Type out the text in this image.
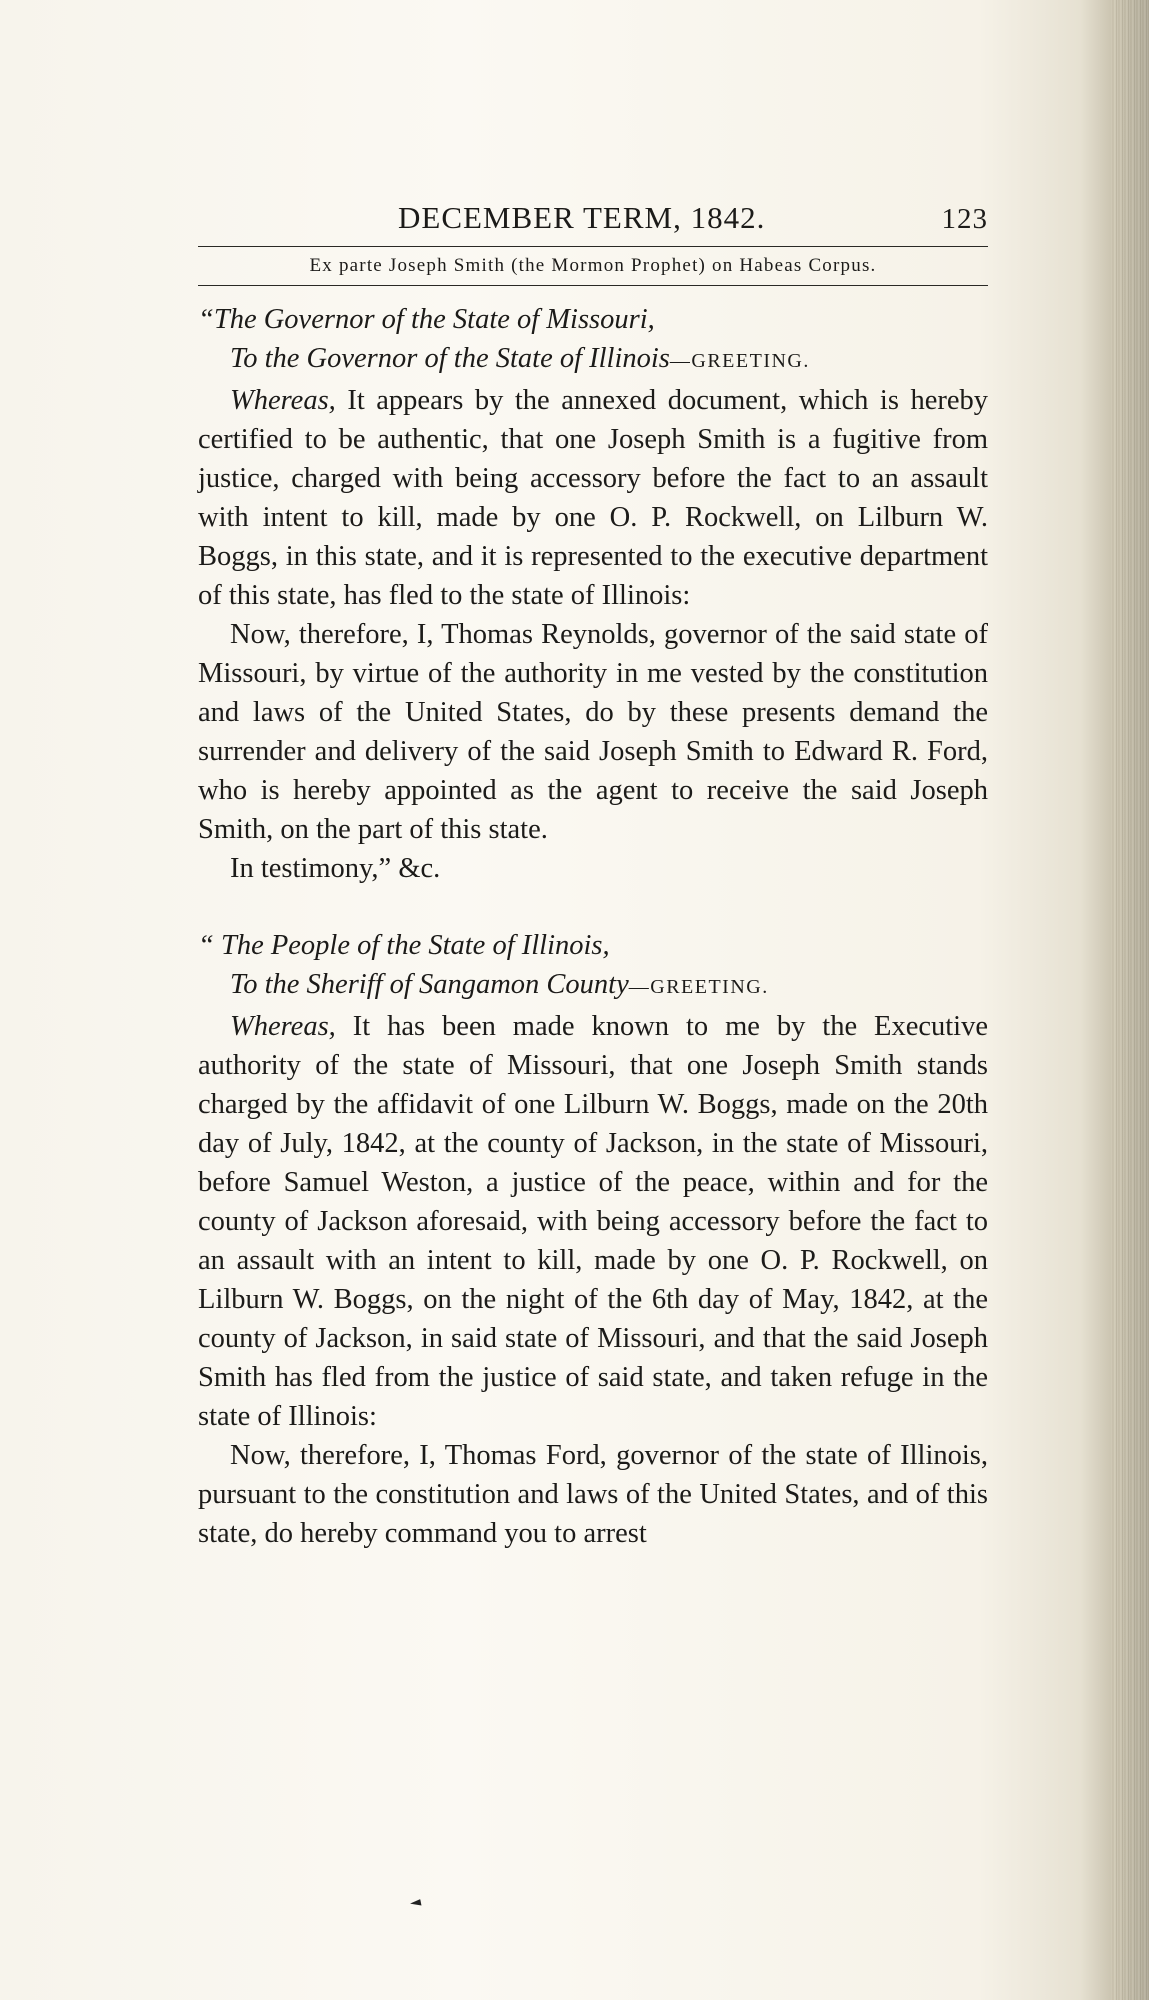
DECEMBER TERM, 1842.	123
Ex parte Joseph Smith (the Mormon Prophet) on Habeas Corpus.
“The Governor of the State of Missouri,
To the Governor of the State of Illinois—GREETING.

Whereas, It appears by the annexed document, which is hereby certified to be authentic, that one Joseph Smith is a fugitive from justice, charged with being accessory before the fact to an assault with intent to kill, made by one O. P. Rockwell, on Lilburn W. Boggs, in this state, and it is represented to the executive department of this state, has fled to the state of Illinois:

Now, therefore, I, Thomas Reynolds, governor of the said state of Missouri, by virtue of the authority in me vested by the constitution and laws of the United States, do by these presents demand the surrender and delivery of the said Joseph Smith to Edward R. Ford, who is hereby appointed as the agent to receive the said Joseph Smith, on the part of this state.

In testimony,” &c.

“ The People of the State of Illinois,
To the Sheriff of Sangamon County—GREETING.

Whereas, It has been made known to me by the Executive authority of the state of Missouri, that one Joseph Smith stands charged by the affidavit of one Lilburn W. Boggs, made on the 20th day of July, 1842, at the county of Jackson, in the state of Missouri, before Samuel Weston, a justice of the peace, within and for the county of Jackson aforesaid, with being accessory before the fact to an assault with an intent to kill, made by one O. P. Rockwell, on Lilburn W. Boggs, on the night of the 6th day of May, 1842, at the county of Jackson, in said state of Missouri, and that the said Joseph Smith has fled from the justice of said state, and taken refuge in the state of Illinois:

Now, therefore, I, Thomas Ford, governor of the state of Illinois, pursuant to the constitution and laws of the United States, and of this state, do hereby command you to arrest
